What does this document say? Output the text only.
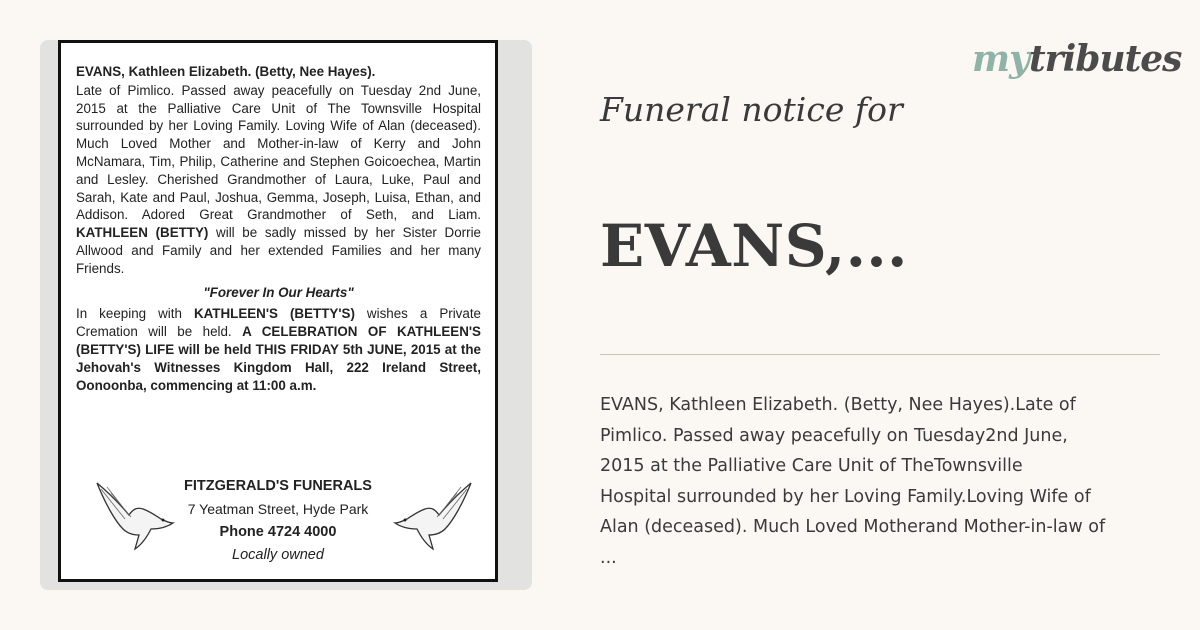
EVANS, Kathleen Elizabeth. (Betty, Nee Hayes).
Late of Pimlico. Passed away peacefully on Tuesday 2nd June, 2015 at the Palliative Care Unit of The Townsville Hospital surrounded by her Loving Family. Loving Wife of Alan (deceased). Much Loved Mother and Mother-in-law of Kerry and John McNamara, Tim, Philip, Catherine and Stephen Goicoechea, Martin and Lesley. Cherished Grandmother of Laura, Luke, Paul and Sarah, Kate and Paul, Joshua, Gemma, Joseph, Luisa, Ethan, and Addison. Adored Great Grandmother of Seth, and Liam. KATHLEEN (BETTY) will be sadly missed by her Sister Dorrie Allwood and Family and her extended Families and her many Friends.
"Forever In Our Hearts"
In keeping with KATHLEEN'S (BETTY'S) wishes a Private Cremation will be held. A CELEBRATION OF KATHLEEN'S (BETTY'S) LIFE will be held THIS FRIDAY 5th JUNE, 2015 at the Jehovah's Witnesses Kingdom Hall, 222 Ireland Street, Oonoonba, commencing at 11:00 a.m.
FITZGERALD'S FUNERALS
7 Yeatman Street, Hyde Park
Phone 4724 4000
Locally owned
mytributes
Funeral notice for
EVANS,...
EVANS, Kathleen Elizabeth. (Betty, Nee Hayes).Late of
Pimlico. Passed away peacefully on Tuesday2nd June,
2015 at the Palliative Care Unit of TheTownsville
Hospital surrounded by her Loving Family.Loving Wife of
Alan (deceased). Much Loved Motherand Mother-in-law of
...
